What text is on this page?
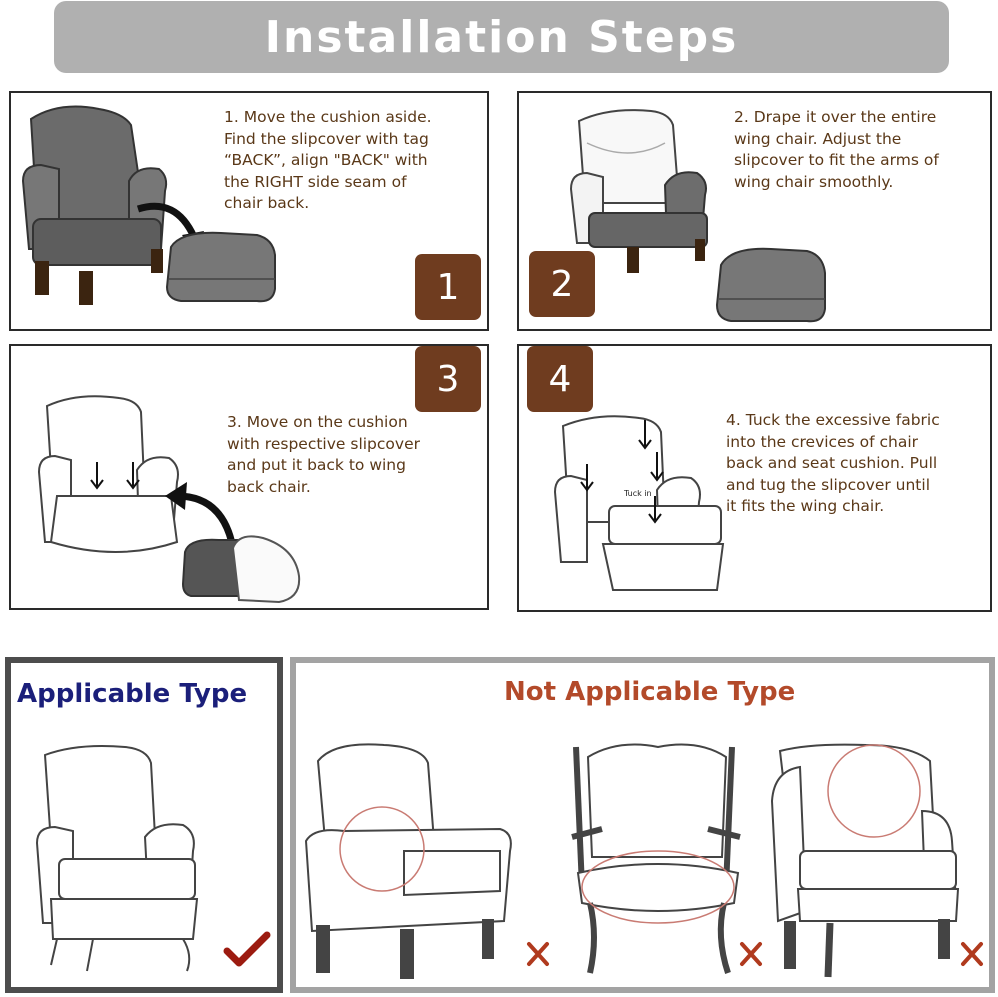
Installation Steps
1. Move the cushion aside.
Find the slipcover with tag
“BACK”, align "BACK" with
the RIGHT side seam of
chair back.
1	2
2. Drape it over the entire
wing chair. Adjust the
slipcover to fit the arms of
wing chair smoothly.
3. Move on the cushion
with respective slipcover
and put it back to wing
back chair.
3
Tuck in
4
4. Tuck the excessive fabric
into the crevices of chair
back and seat cushion. Pull
and tug the slipcover until
it fits the wing chair.
Applicable Type	Not Applicable Type
